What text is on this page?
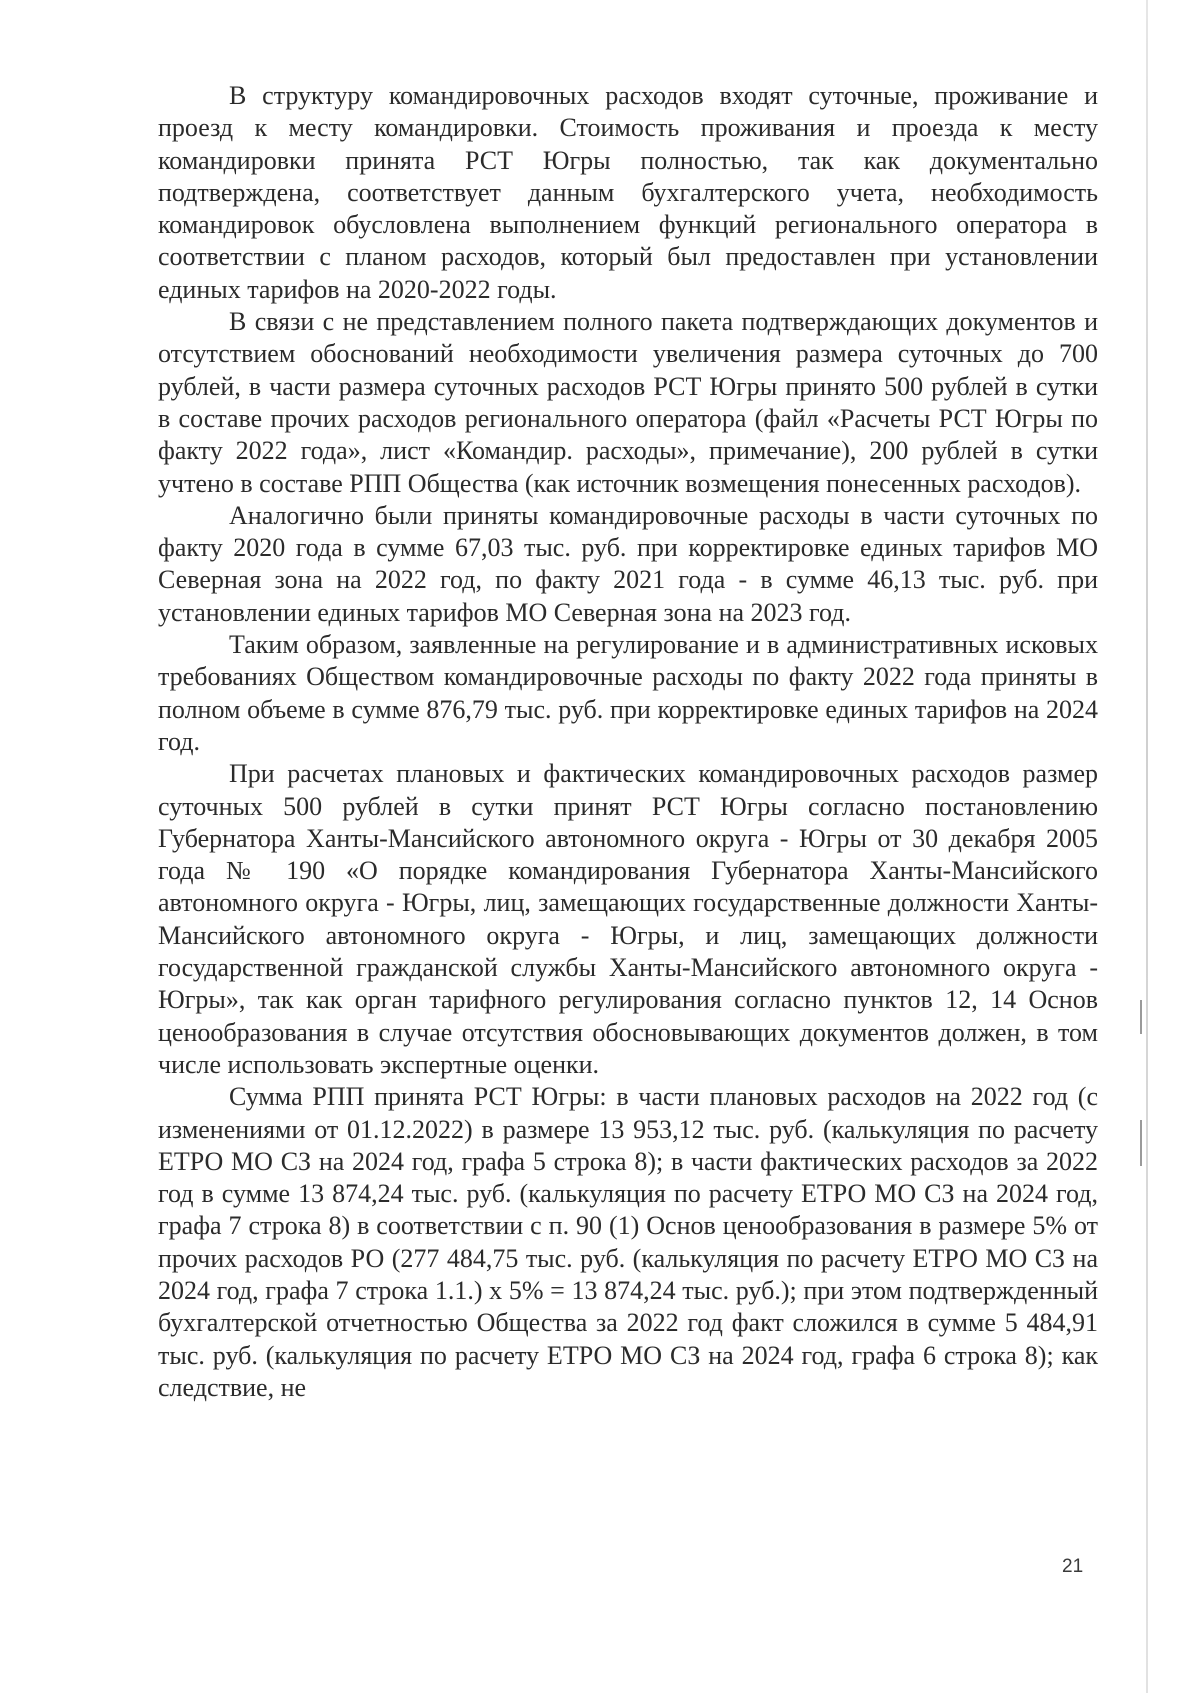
В структуру командировочных расходов входят суточные, проживание и проезд к месту командировки. Стоимость проживания и проезда к месту командировки принята РСТ Югры полностью, так как документально подтверждена, соответствует данным бухгалтерского учета, необходимость командировок обусловлена выполнением функций регионального оператора в соответствии с планом расходов, который был предоставлен при установлении единых тарифов на 2020-2022 годы.

В связи с не представлением полного пакета подтверждающих документов и отсутствием обоснований необходимости увеличения размера суточных до 700 рублей, в части размера суточных расходов РСТ Югры принято 500 рублей в сутки в составе прочих расходов регионального оператора (файл «Расчеты РСТ Югры по факту 2022 года», лист «Командир. расходы», примечание), 200 рублей в сутки учтено в составе РПП Общества (как источник возмещения понесенных расходов).

Аналогично были приняты командировочные расходы в части суточных по факту 2020 года в сумме 67,03 тыс. руб. при корректировке единых тарифов МО Северная зона на 2022 год, по факту 2021 года - в сумме 46,13 тыс. руб. при установлении единых тарифов МО Северная зона на 2023 год.

Таким образом, заявленные на регулирование и в административных исковых требованиях Обществом командировочные расходы по факту 2022 года приняты в полном объеме в сумме 876,79 тыс. руб. при корректировке единых тарифов на 2024 год.

При расчетах плановых и фактических командировочных расходов размер суточных 500 рублей в сутки принят РСТ Югры согласно постановлению Губернатора Ханты-Мансийского автономного округа - Югры от 30 декабря 2005 года № 190 «О порядке командирования Губернатора Ханты-Мансийского автономного округа - Югры, лиц, замещающих государственные должности Ханты-Мансийского автономного округа - Югры, и лиц, замещающих должности государственной гражданской службы Ханты-Мансийского автономного округа - Югры», так как орган тарифного регулирования согласно пунктов 12, 14 Основ ценообразования в случае отсутствия обосновывающих документов должен, в том числе использовать экспертные оценки.

Сумма РПП принята РСТ Югры: в части плановых расходов на 2022 год (с изменениями от 01.12.2022) в размере 13 953,12 тыс. руб. (калькуляция по расчету ЕТРО МО СЗ на 2024 год, графа 5 строка 8); в части фактических расходов за 2022 год в сумме 13 874,24 тыс. руб. (калькуляция по расчету ЕТРО МО СЗ на 2024 год, графа 7 строка 8) в соответствии с п. 90 (1) Основ ценообразования в размере 5% от прочих расходов РО (277 484,75 тыс. руб. (калькуляция по расчету ЕТРО МО СЗ на 2024 год, графа 7 строка 1.1.) х 5% = 13 874,24 тыс. руб.); при этом подтвержденный бухгалтерской отчетностью Общества за 2022 год факт сложился в сумме 5 484,91 тыс. руб. (калькуляция по расчету ЕТРО МО СЗ на 2024 год, графа 6 строка 8); как следствие, не

21
